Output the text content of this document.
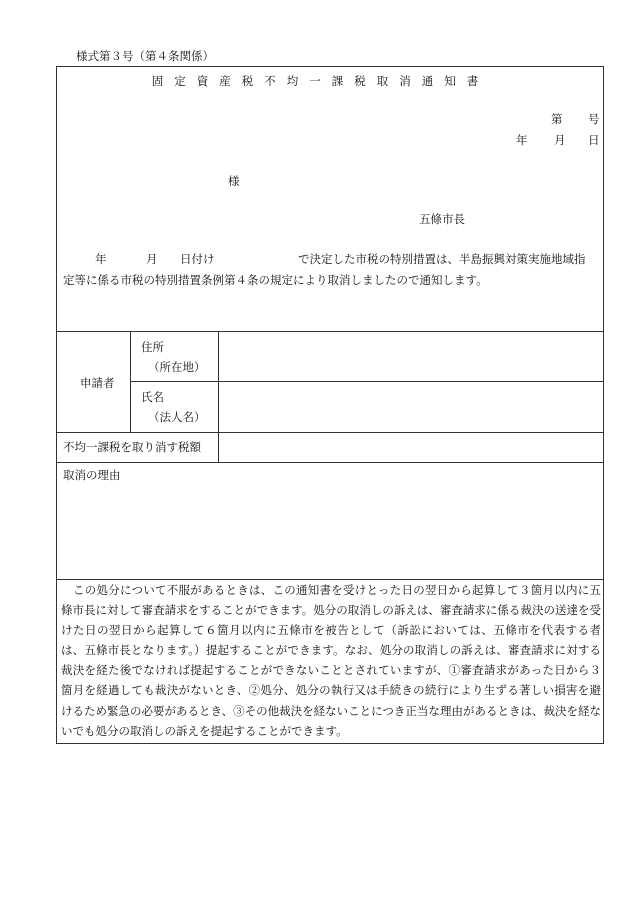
様式第３号（第４条関係）
固定資産税不均一課税取消通知書
第 号
年 月 日
様
五條市長
年	月 日付け	で決定した市税の特別措置は、半島振興対策実施地域指
定等に係る市税の特別措置条例第４条の規定により取消しましたので通知します。
申請者
住所
（所在地）
氏名
（法人名）
不均一課税を取り消す税額
取消の理由
この処分について不服があるときは、この通知書を受けとった日の翌日から起算して３箇月以内に五條市長に対して審査請求をすることができます。処分の取消しの訴えは、審査請求に係る裁決の送達を受けた日の翌日から起算して６箇月以内に五條市を被告として（訴訟においては、五條市を代表する者は、五條市長となります。）提起することができます。なお、処分の取消しの訴えは、審査請求に対する裁決を経た後でなければ提起することができないこととされていますが、①審査請求があった日から３箇月を経過しても裁決がないとき、②処分、処分の執行又は手続きの続行により生ずる著しい損害を避けるため緊急の必要があるとき、③その他裁決を経ないことにつき正当な理由があるときは、裁決を経ないでも処分の取消しの訴えを提起することができます。
